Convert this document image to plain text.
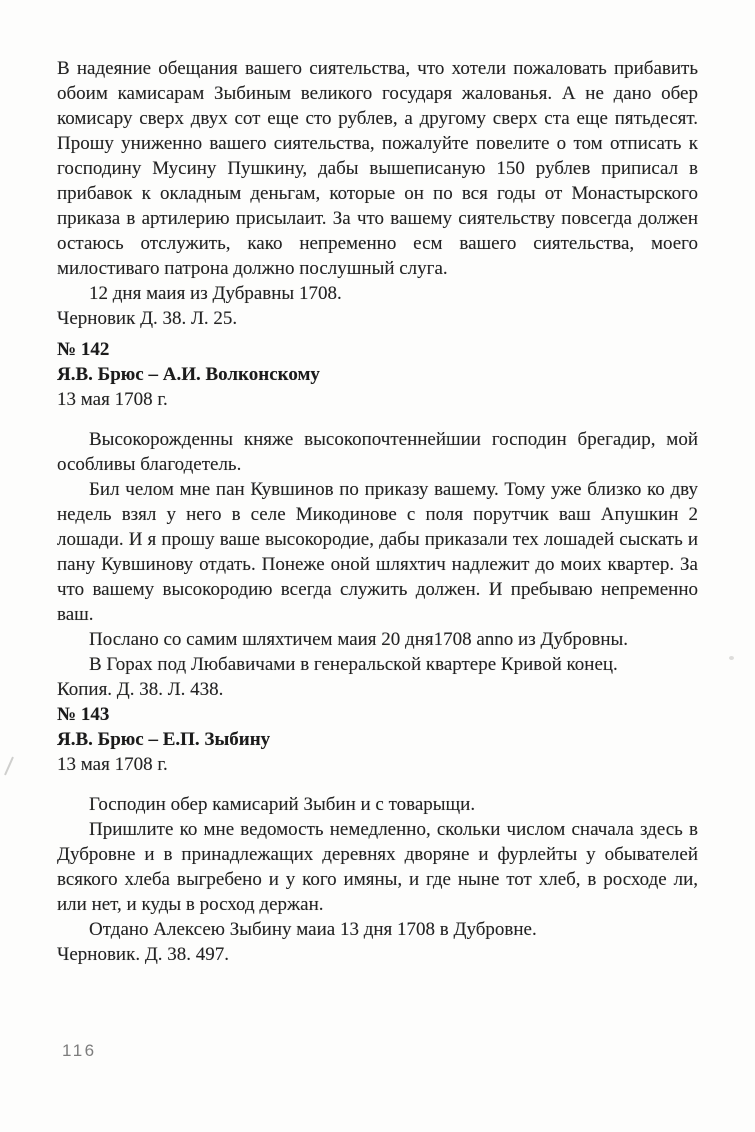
В надеяние обещания вашего сиятельства, что хотели пожаловать прибавить обоим камисарам Зыбиным великого государя жалованья. А не дано обер комисару сверх двух сот еще сто рублев, а другому сверх ста еще пятьдесят. Прошу униженно вашего сиятельства, пожалуйте повелите о том отписать к господину Мусину Пушкину, дабы вышеписаную 150 рублев приписал в прибавок к окладным деньгам, которые он по вся годы от Монастырского приказа в артилерию присылаит. За что вашему сиятельству повсегда должен остаюсь отслужить, како непременно есм вашего сиятельства, моего милостиваго патрона должно послушный слуга.

12 дня маия из Дубравны 1708.

Черновик Д. 38. Л. 25.

№ 142

Я.В. Брюс – А.И. Волконскому

13 мая 1708 г.

Высокорожденны княже высокопочтеннейшии господин брегадир, мой особливы благодетель.

Бил челом мне пан Кувшинов по приказу вашему. Тому уже близко ко дву недель взял у него в селе Микодинове с поля порутчик ваш Апушкин 2 лошади. И я прошу ваше высокородие, дабы приказали тех лошадей сыскать и пану Кувшинову отдать. Понеже оной шляхтич надлежит до моих квартер. За что вашему высокородию всегда служить должен. И пребываю непременно ваш.

Послано со самим шляхтичем маия 20 дня1708 anno из Дубровны.

В Горах под Любавичами в генеральской квартере Кривой конец.

Копия. Д. 38. Л. 438.

№ 143

Я.В. Брюс – Е.П. Зыбину

13 мая 1708 г.

Господин обер камисарий Зыбин и с товарыщи.

Пришлите ко мне ведомость немедленно, скольки числом сначала здесь в Дубровне и в принадлежащих деревнях дворяне и фурлейты у обывателей всякого хлеба выгребено и у кого имяны, и где ныне тот хлеб, в росходе ли, или нет, и куды в росход держан.

Отдано Алексею Зыбину маиа 13 дня 1708 в Дубровне.

Черновик. Д. 38. 497.

116
